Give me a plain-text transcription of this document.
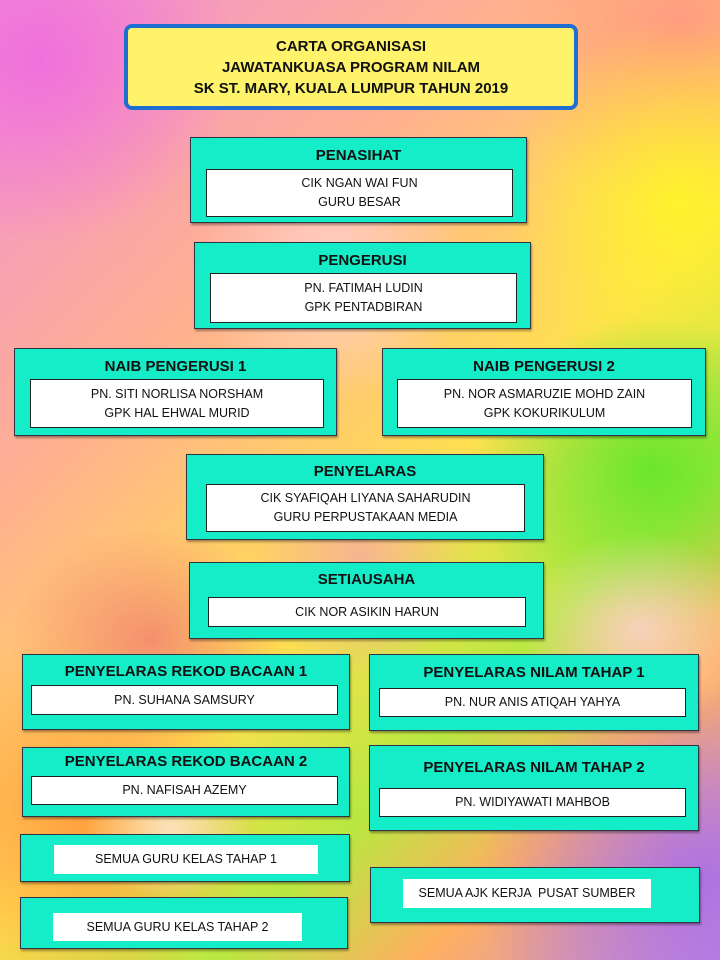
CARTA ORGANISASI
JAWATANKUASA PROGRAM NILAM
SK ST. MARY, KUALA LUMPUR TAHUN 2019
PENASIHAT
CIK NGAN WAI FUN
GURU BESAR
PENGERUSI
PN. FATIMAH LUDIN
GPK PENTADBIRAN
NAIB PENGERUSI 1
PN. SITI NORLISA NORSHAM
GPK HAL EHWAL MURID
NAIB PENGERUSI 2
PN. NOR ASMARUZIE MOHD ZAIN
GPK KOKURIKULUM
PENYELARAS
CIK SYAFIQAH LIYANA SAHARUDIN
GURU PERPUSTAKAAN MEDIA
SETIAUSAHA
CIK NOR ASIKIN HARUN
PENYELARAS REKOD BACAAN 1
PN. SUHANA SAMSURY
PENYELARAS NILAM TAHAP 1
PN. NUR ANIS ATIQAH YAHYA
PENYELARAS REKOD BACAAN 2
PN. NAFISAH AZEMY
PENYELARAS NILAM TAHAP 2
PN. WIDIYAWATI MAHBOB
SEMUA GURU KELAS TAHAP 1
SEMUA GURU KELAS TAHAP 2
SEMUA AJK KERJA  PUSAT SUMBER
